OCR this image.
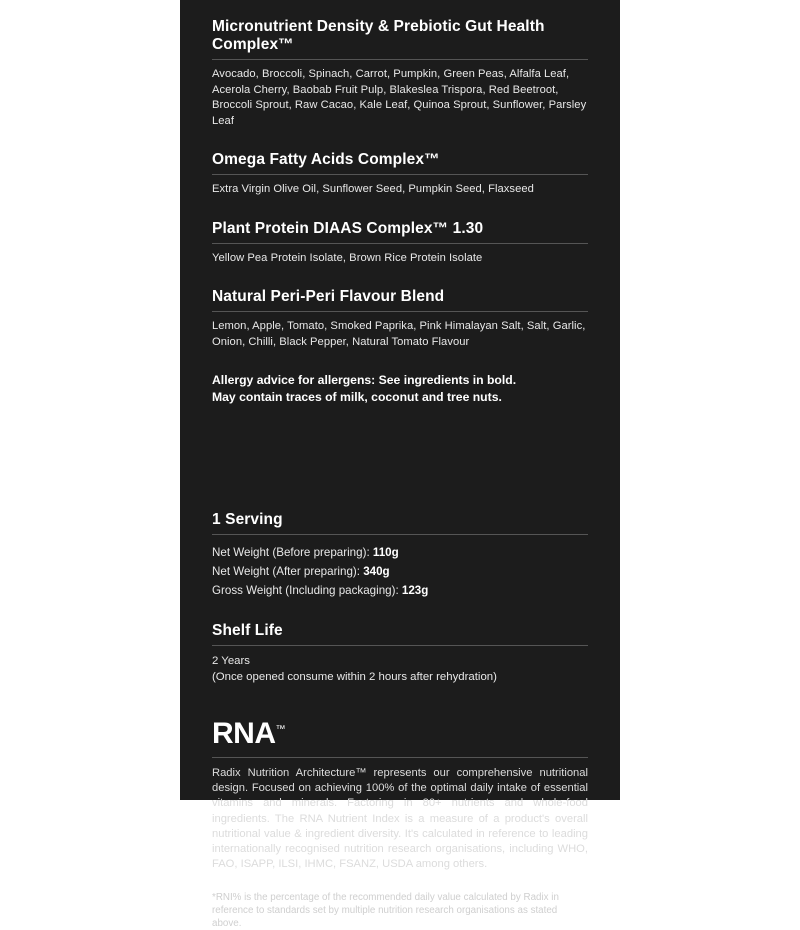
Micronutrient Density & Prebiotic Gut Health Complex™
Avocado, Broccoli, Spinach, Carrot, Pumpkin, Green Peas, Alfalfa Leaf, Acerola Cherry, Baobab Fruit Pulp, Blakeslea Trispora, Red Beetroot, Broccoli Sprout, Raw Cacao, Kale Leaf, Quinoa Sprout, Sunflower, Parsley Leaf
Omega Fatty Acids Complex™
Extra Virgin Olive Oil, Sunflower Seed, Pumpkin Seed, Flaxseed
Plant Protein DIAAS Complex™ 1.30
Yellow Pea Protein Isolate, Brown Rice Protein Isolate
Natural Peri-Peri Flavour Blend
Lemon, Apple, Tomato, Smoked Paprika, Pink Himalayan Salt, Salt, Garlic, Onion, Chilli, Black Pepper, Natural Tomato Flavour
Allergy advice for allergens: See ingredients in bold.
May contain traces of milk, coconut and tree nuts.
1 Serving
Net Weight (Before preparing): 110g
Net Weight (After preparing): 340g
Gross Weight (Including packaging): 123g
Shelf Life
2 Years
(Once opened consume within 2 hours after rehydration)
RNA™
Radix Nutrition Architecture™ represents our comprehensive nutritional design. Focused on achieving 100% of the optimal daily intake of essential vitamins and minerals. Factoring in 80+ nutrients and whole-food ingredients. The RNA Nutrient Index is a measure of a product's overall nutritional value & ingredient diversity. It's calculated in reference to leading internationally recognised nutrition research organisations, including WHO, FAO, ISAPP, ILSI, IHMC, FSANZ, USDA among others.
*RNI% is the percentage of the recommended daily value calculated by Radix in reference to standards set by multiple nutrition research organisations as stated above.
